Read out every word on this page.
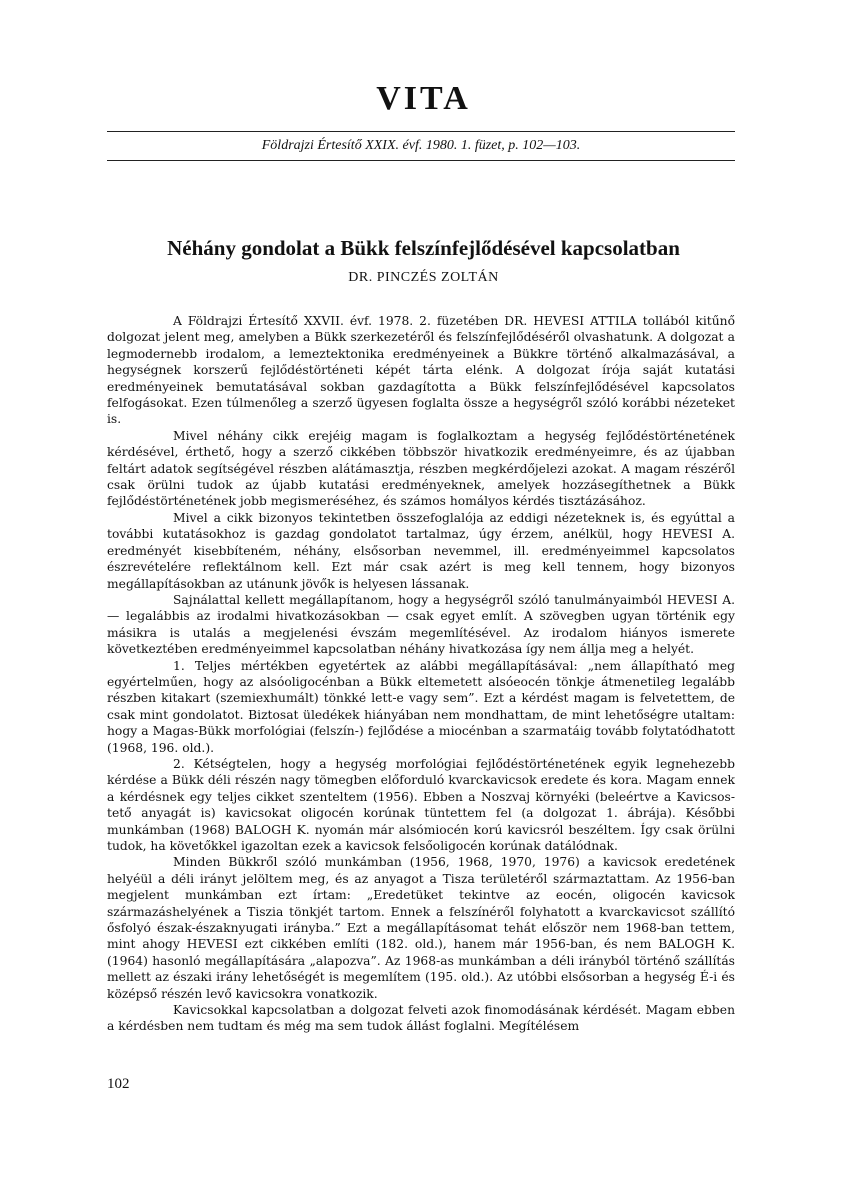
VITA
Földrajzi Értesítő XXIX. évf. 1980. 1. füzet, p. 102—103.
Néhány gondolat a Bükk felszínfejlődésével kapcsolatban
DR. PINCZÉS ZOLTÁN

A Földrajzi Értesítő XXVII. évf. 1978. 2. füzetében DR. HEVESI ATTILA tollából kitűnő dolgozat jelent meg, amelyben a Bükk szerkezetéről és felszínfejlődéséről olvashatunk. A dolgozat a legmodernebb irodalom, a lemeztektonika eredményeinek a Bükkre történő alkalmazásával, a hegységnek korszerű fejlődéstörténeti képét tárta elénk. A dolgozat írója saját kutatási eredményeinek bemutatásával sokban gazdagította a Bükk felszínfejlődésével kapcsolatos felfogásokat. Ezen túlmenőleg a szerző ügyesen foglalta össze a hegységről szóló korábbi nézeteket is.

Mivel néhány cikk erejéig magam is foglalkoztam a hegység fejlődéstörténetének kérdésével, érthető, hogy a szerző cikkében többször hivatkozik eredményeimre, és az újabban feltárt adatok segítségével részben alátámasztja, részben megkérdőjelezi azokat. A magam részéről csak örülni tudok az újabb kutatási eredményeknek, amelyek hozzásegíthetnek a Bükk fejlődéstörténetének jobb megismeréséhez, és számos homályos kérdés tisztázásához.

Mivel a cikk bizonyos tekintetben összefoglalója az eddigi nézeteknek is, és egyúttal a további kutatásokhoz is gazdag gondolatot tartalmaz, úgy érzem, anélkül, hogy HEVESI A. eredményét kisebbíteném, néhány, elsősorban nevemmel, ill. eredményeimmel kapcsolatos észrevételére reflektálnom kell. Ezt már csak azért is meg kell tennem, hogy bizonyos megállapításokban az utánunk jövők is helyesen lássanak.

Sajnálattal kellett megállapítanom, hogy a hegységről szóló tanulmányaimból HEVESI A. — legalábbis az irodalmi hivatkozásokban — csak egyet említ. A szövegben ugyan történik egy másikra is utalás a megjelenési évszám megemlítésével. Az irodalom hiányos ismerete következtében eredményeimmel kapcsolatban néhány hivatkozása így nem állja meg a helyét.

1. Teljes mértékben egyetértek az alábbi megállapításával: „nem állapítható meg egyértelműen, hogy az alsóoligocénban a Bükk eltemetett alsóeocén tönkje átmenetileg legalább részben kitakart (szemiexhumált) tönkké lett-e vagy sem”. Ezt a kérdést magam is felvetettem, de csak mint gondolatot. Biztosat üledékek hiányában nem mondhattam, de mint lehetőségre utaltam: hogy a Magas-Bükk morfológiai (felszín-) fejlődése a miocénban a szarmatáig tovább folytatódhatott (1968, 196. old.).

2. Kétségtelen, hogy a hegység morfológiai fejlődéstörténetének egyik legnehezebb kérdése a Bükk déli részén nagy tömegben előforduló kvarckavicsok eredete és kora. Magam ennek a kérdésnek egy teljes cikket szenteltem (1956). Ebben a Noszvaj környéki (beleértve a Kavicsos-tető anyagát is) kavicsokat oligocén korúnak tüntettem fel (a dolgozat 1. ábrája). Későbbi munkámban (1968) BALOGH K. nyomán már alsómiocén korú kavicsról beszéltem. Így csak örülni tudok, ha követőkkel igazoltan ezek a kavicsok felsőoligocén korúnak datálódnak.

Minden Bükkről szóló munkámban (1956, 1968, 1970, 1976) a kavicsok eredetének helyéül a déli irányt jelöltem meg, és az anyagot a Tisza területéről származtattam. Az 1956-ban megjelent munkámban ezt írtam: „Eredetüket tekintve az eocén, oligocén kavicsok származáshelyének a Tiszia tönkjét tartom. Ennek a felszínéről folyhatott a kvarckavicsot szállító ősfolyó észak-északnyugati irányba.” Ezt a megállapításomat tehát először nem 1968-ban tettem, mint ahogy HEVESI ezt cikkében említi (182. old.), hanem már 1956-ban, és nem BALOGH K. (1964) hasonló megállapítására „alapozva”. Az 1968-as munkámban a déli irányból történő szállítás mellett az északi irány lehetőségét is megemlítem (195. old.). Az utóbbi elsősorban a hegység É-i és középső részén levő kavicsokra vonatkozik.

Kavicsokkal kapcsolatban a dolgozat felveti azok finomodásának kérdését. Magam ebben a kérdésben nem tudtam és még ma sem tudok állást foglalni. Megítélésem

102
